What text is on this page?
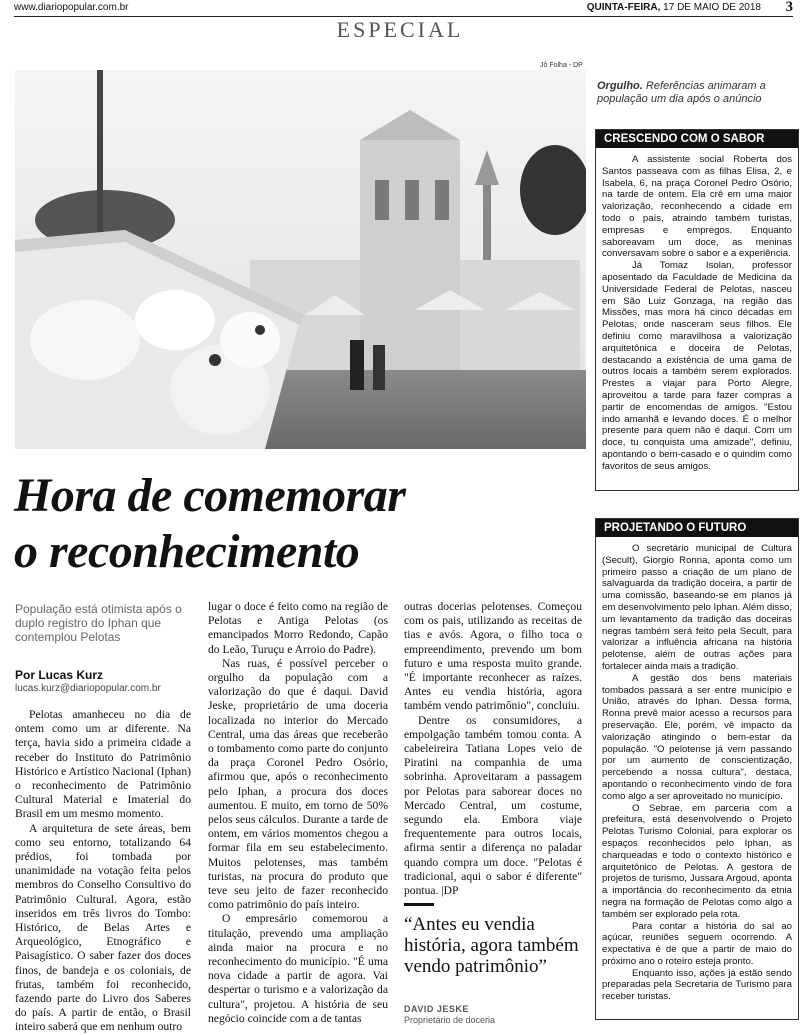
www.diariopopular.com.br	QUINTA-FEIRA, 17 DE MAIO DE 2018 3
ESPECIAL
Jô Folha - DP
Orgulho. Referências animaram a população um dia após o anúncio
CRESCENDO COM O SABOR

A assistente social Roberta dos Santos passeava com as filhas Elisa, 2, e Isabela, 6, na praça Coronel Pedro Osório, na tarde de ontem. Ela crê em uma maior valorização, reconhecendo a cidade em todo o país, atraindo também turistas, empresas e empregos. Enquanto saboreavam um doce, as meninas conversavam sobre o sabor e a experiência.

Já Tomaz Isolan, professor aposentado da Faculdade de Medicina da Universidade Federal de Pelotas, nasceu em São Luiz Gonzaga, na região das Missões, mas mora há cinco décadas em Pelotas, onde nasceram seus filhos. Ele definiu como maravilhosa a valorização arquitetônica e doceira de Pelotas, destacando a existência de uma gama de outros locais a também serem explorados. Prestes a viajar para Porto Alegre, aproveitou a tarde para fazer compras a partir de encomendas de amigos. "Estou indo amanhã e levando doces. É o melhor presente para quem não é daqui. Com um doce, tu conquista uma amizade", definiu, apontando o bem-casado e o quindim como favoritos de seus amigos.

PROJETANDO O FUTURO

O secretário municipal de Cultura (Secult), Giorgio Ronna, aponta como um primeiro passo a criação de um plano de salvaguarda da tradição doceira, a partir de uma comissão, baseando-se em planos já em desenvolvimento pelo Iphan. Além disso, um levantamento da tradição das doceiras negras também será feito pela Secult, para valorizar a influência africana na história pelotense, além de outras ações para fortalecer ainda mais a tradição.

A gestão dos bens materiais tombados passará a ser entre município e União, através do Iphan. Dessa forma, Ronna prevê maior acesso a recursos para preservação. Ele, porém, vê impacto da valorização atingindo o bem-estar da população. "O pelotense já vem passando por um aumento de conscientização, percebendo a nossa cultura", destaca, apontando o reconhecimento vindo de fora como algo a ser aproveitado no município.

O Sebrae, em parceria com a prefeitura, está desenvolvendo o Projeto Pelotas Turismo Colonial, para explorar os espaços reconhecidos pelo Iphan, as charqueadas e todo o contexto histórico e arquitetônico de Pelotas. A gestora de projetos de turismo, Jussara Argoud, aponta a importância do reconhecimento da etnia negra na formação de Pelotas como algo a também ser explorado pela rota.

Para contar a história do sal ao açúcar, reuniões seguem ocorrendo. A expectativa é de que a partir de maio do próximo ano o roteiro esteja pronto.

Enquanto isso, ações já estão sendo preparadas pela Secretaria de Turismo para receber turistas.

Hora de comemorar
o reconhecimento
População está otimista após o duplo registro do Iphan que contemplou Pelotas
Por Lucas Kurz
lucas.kurz@diariopopular.com.br

Pelotas amanheceu no dia de ontem como um ar diferente. Na terça, havia sido a primeira cidade a receber do Instituto do Patrimônio Histórico e Artístico Nacional (Iphan) o reconhecimento de Patrimônio Cultural Material e Imaterial do Brasil em um mesmo momento.

A arquitetura de sete áreas, bem como seu entorno, totalizando 64 prédios, foi tombada por unanimidade na votação feita pelos membros do Conselho Consultivo do Patrimônio Cultural. Agora, estão inseridos em três livros do Tombo: Histórico, de Belas Artes e Arqueológico, Etnográfico e Paisagístico. O saber fazer dos doces finos, de bandeja e os coloniais, de frutas, também foi reconhecido, fazendo parte do Livro dos Saberes do país. A partir de então, o Brasil inteiro saberá que em nenhum outro

lugar o doce é feito como na região de Pelotas e Antiga Pelotas (os emancipados Morro Redondo, Capão do Leão, Turuçu e Arroio do Padre).

Nas ruas, é possível perceber o orgulho da população com a valorização do que é daqui. David Jeske, proprietário de uma doceria localizada no interior do Mercado Central, uma das áreas que receberão o tombamento como parte do conjunto da praça Coronel Pedro Osório, afirmou que, após o reconhecimento pelo Iphan, a procura dos doces aumentou. E muito, em torno de 50% pelos seus cálculos. Durante a tarde de ontem, em vários momentos chegou a formar fila em seu estabelecimento. Muitos pelotenses, mas também turistas, na procura do produto que teve seu jeito de fazer reconhecido como patrimônio do país inteiro.

O empresário comemorou a titulação, prevendo uma ampliação ainda maior na procura e no reconhecimento do município. "É uma nova cidade a partir de agora. Vai despertar o turismo e a valorização da cultura", projetou. A história de seu negócio coincide com a de tantas

outras docerias pelotenses. Começou com os pais, utilizando as receitas de tias e avós. Agora, o filho toca o empreendimento, prevendo um bom futuro e uma resposta muito grande. "É importante reconhecer as raízes. Antes eu vendia história, agora também vendo patrimônio", concluiu.

Dentre os consumidores, a empolgação também tomou conta. A cabeleireira Tatiana Lopes veio de Piratini na companhia de uma sobrinha. Aproveitaram a passagem por Pelotas para saborear doces no Mercado Central, um costume, segundo ela. Embora viaje frequentemente para outros locais, afirma sentir a diferença no paladar quando compra um doce. "Pelotas é tradicional, aqui o sabor é diferente" pontua. |DP

“Antes eu vendia história, agora também vendo patrimônio”
DAVID JESKE
Proprietário de doceria
